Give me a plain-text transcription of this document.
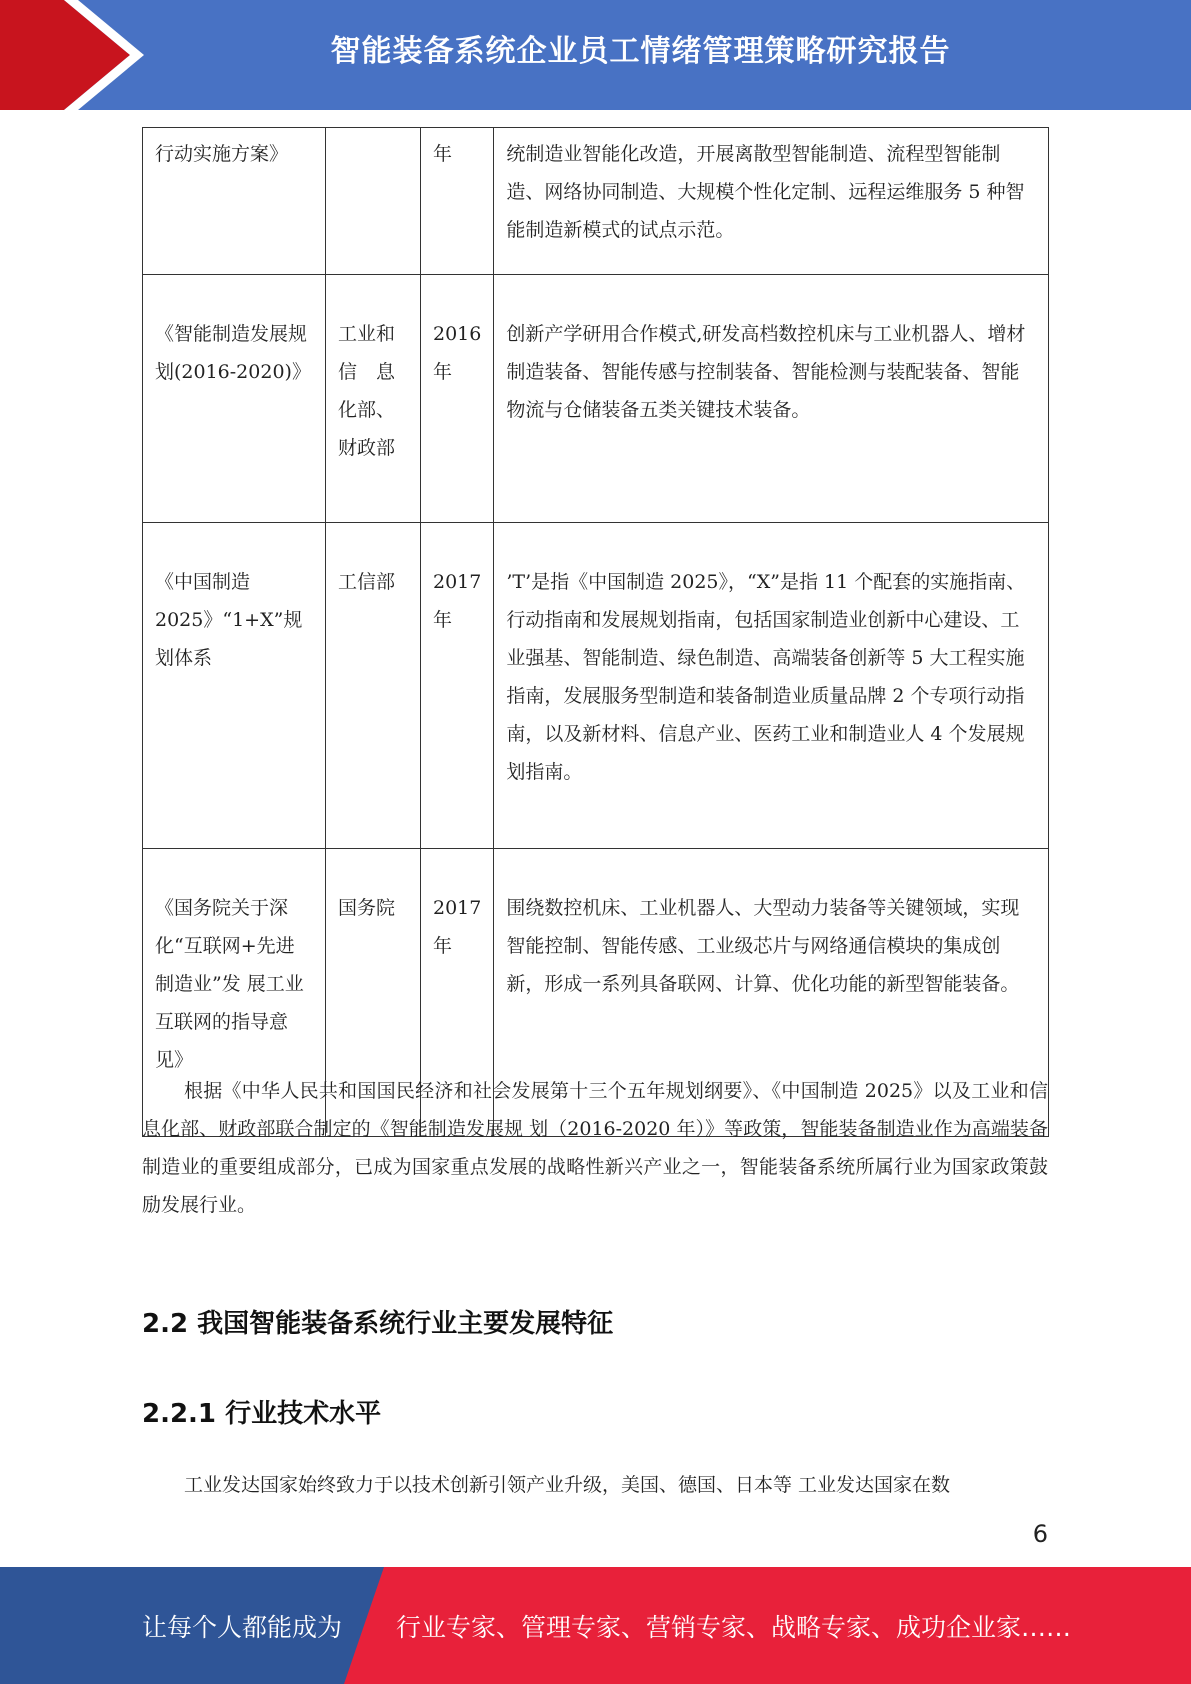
智能装备系统企业员工情绪管理策略研究报告
行动实施方案》		年	统制造业智能化改造，开展离散型智能制造、流程型智能制造、网络协同制造、大规模个性化定制、远程运维服务 5 种智能制造新模式的试点示范。
《智能制造发展规划(2016-2020)》	工业和信　息化部、财政部	2016 年	创新产学研用合作模式,研发高档数控机床与工业机器人、增材制造装备、智能传感与控制装备、智能检测与装配装备、智能物流与仓储装备五类关键技术装备。
《中国制造 2025》“1+X”规划体系	工信部	2017 年	’T’是指《中国制造 2025》，“X”是指 11 个配套的实施指南、行动指南和发展规划指南，包括国家制造业创新中心建设、工业强基、智能制造、绿色制造、高端装备创新等 5 大工程实施指南，发展服务型制造和装备制造业质量品牌 2 个专项行动指南，以及新材料、信息产业、医药工业和制造业人 4 个发展规划指南。
《国务院关于深化“互联网+先进制造业”发 展工业互联网的指导意见》	国务院	2017 年	围绕数控机床、工业机器人、大型动力装备等关键领域，实现智能控制、智能传感、工业级芯片与网络通信模块的集成创新，形成一系列具备联网、计算、优化功能的新型智能装备。

根据《中华人民共和国国民经济和社会发展第十三个五年规划纲要》、《中国制造 2025》以及工业和信息化部、财政部联合制定的《智能制造发展规 划（2016-2020 年）》等政策，智能装备制造业作为高端装备制造业的重要组成部分，已成为国家重点发展的战略性新兴产业之一，智能装备系统所属行业为国家政策鼓励发展行业。

2.2 我国智能装备系统行业主要发展特征
2.2.1 行业技术水平

工业发达国家始终致力于以技术创新引领产业升级，美国、德国、日本等 工业发达国家在数

6
让每个人都能成为 行业专家、管理专家、营销专家、战略专家、成功企业家……
